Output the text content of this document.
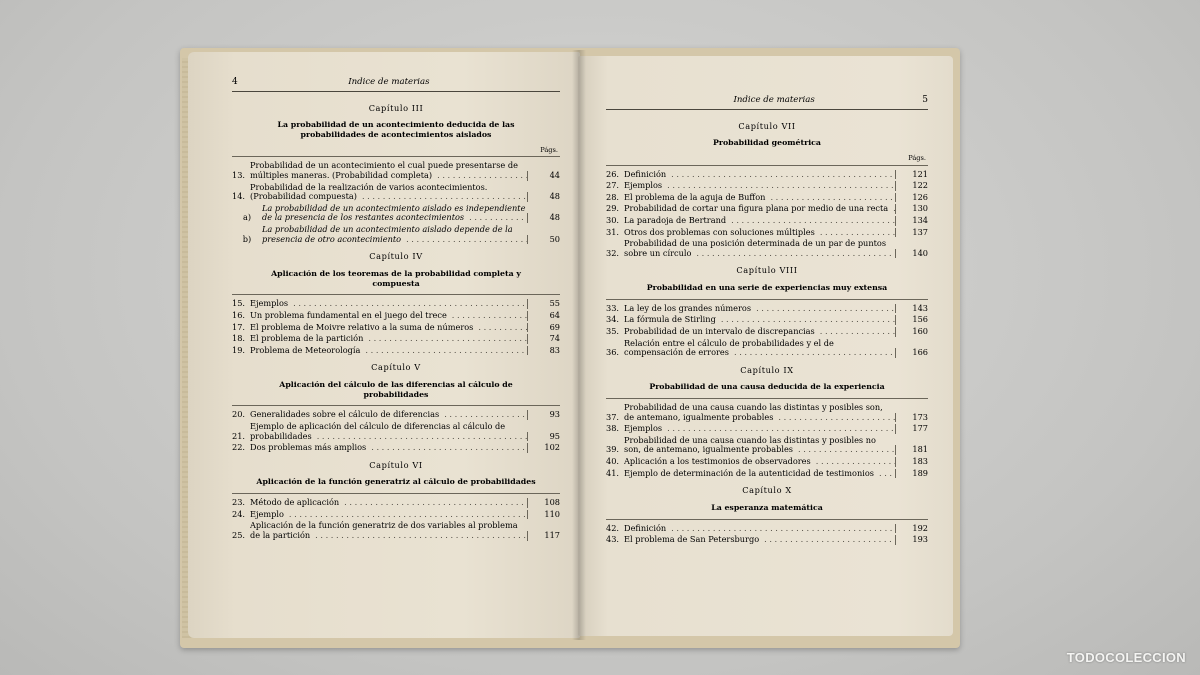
4	Indice de materias
Capítulo III
La probabilidad de un acontecimiento deducida de las probabilidades de acontecimientos aislados
Págs.
13.
Probabilidad de un acontecimiento el cual puede presentarse de múltiples maneras. (Probabilidad completa) . . .	44
14.
Probabilidad de la realización de varios acontecimientos. (Probabilidad compuesta) . . .	48
a)
La probabilidad de un acontecimiento aislado es independiente de la presencia de los restantes acontecimientos . . .	48
b)
La probabilidad de un acontecimiento aislado depende de la presencia de otro acontecimiento . . .	50
Capítulo IV
Aplicación de los teoremas de la probabilidad completa y compuesta
15. Ejemplos . . .	55
16. Un problema fundamental en el juego del trece . . .	64
17. El problema de Moivre relativo a la suma de números . . .	69
18. El problema de la partición . . .	74
19. Problema de Meteorología . . .	83
Capítulo V
Aplicación del cálculo de las diferencias al cálculo de probabilidades
20. Generalidades sobre el cálculo de diferencias . . .	93
21.
Ejemplo de aplicación del cálculo de diferencias al cálculo de probabilidades . . .	95
22. Dos problemas más amplios . . .	102
Capítulo VI
Aplicación de la función generatriz al cálculo de probabilidades
23. Método de aplicación . . .	108
24. Ejemplo . . .	110
25.
Aplicación de la función generatriz de dos variables al problema de la partición . . .	117
Indice de materias	5
Capítulo VII
Probabilidad geométrica
Págs.
26. Definición . . .	121
27. Ejemplos . . .	122
28. El problema de la aguja de Buffon . . .	126
29. Probabilidad de cortar una figura plana por medio de una recta . . .	130
30. La paradoja de Bertrand . . .	134
31. Otros dos problemas con soluciones múltiples . . .	137
32.
Probabilidad de una posición determinada de un par de puntos sobre un círculo . . .	140
Capítulo VIII
Probabilidad en una serie de experiencias muy extensa
33. La ley de los grandes números . . .	143
34. La fórmula de Stirling . . .	156
35. Probabilidad de un intervalo de discrepancias . . .	160
36.
Relación entre el cálculo de probabilidades y el de compensación de errores . . .	166
Capítulo IX
Probabilidad de una causa deducida de la experiencia
37.
Probabilidad de una causa cuando las distintas y posibles son, de antemano, igualmente probables . . .	173
38. Ejemplos . . .	177
39.
Probabilidad de una causa cuando las distintas y posibles no son, de antemano, igualmente probables . . .	181
40. Aplicación a los testimonios de observadores . . .	183
41. Ejemplo de determinación de la autenticidad de testimonios . . .	189
Capítulo X
La esperanza matemática
42. Definición . . .	192
43. El problema de San Petersburgo . . .	193
TODOCOLECCION
